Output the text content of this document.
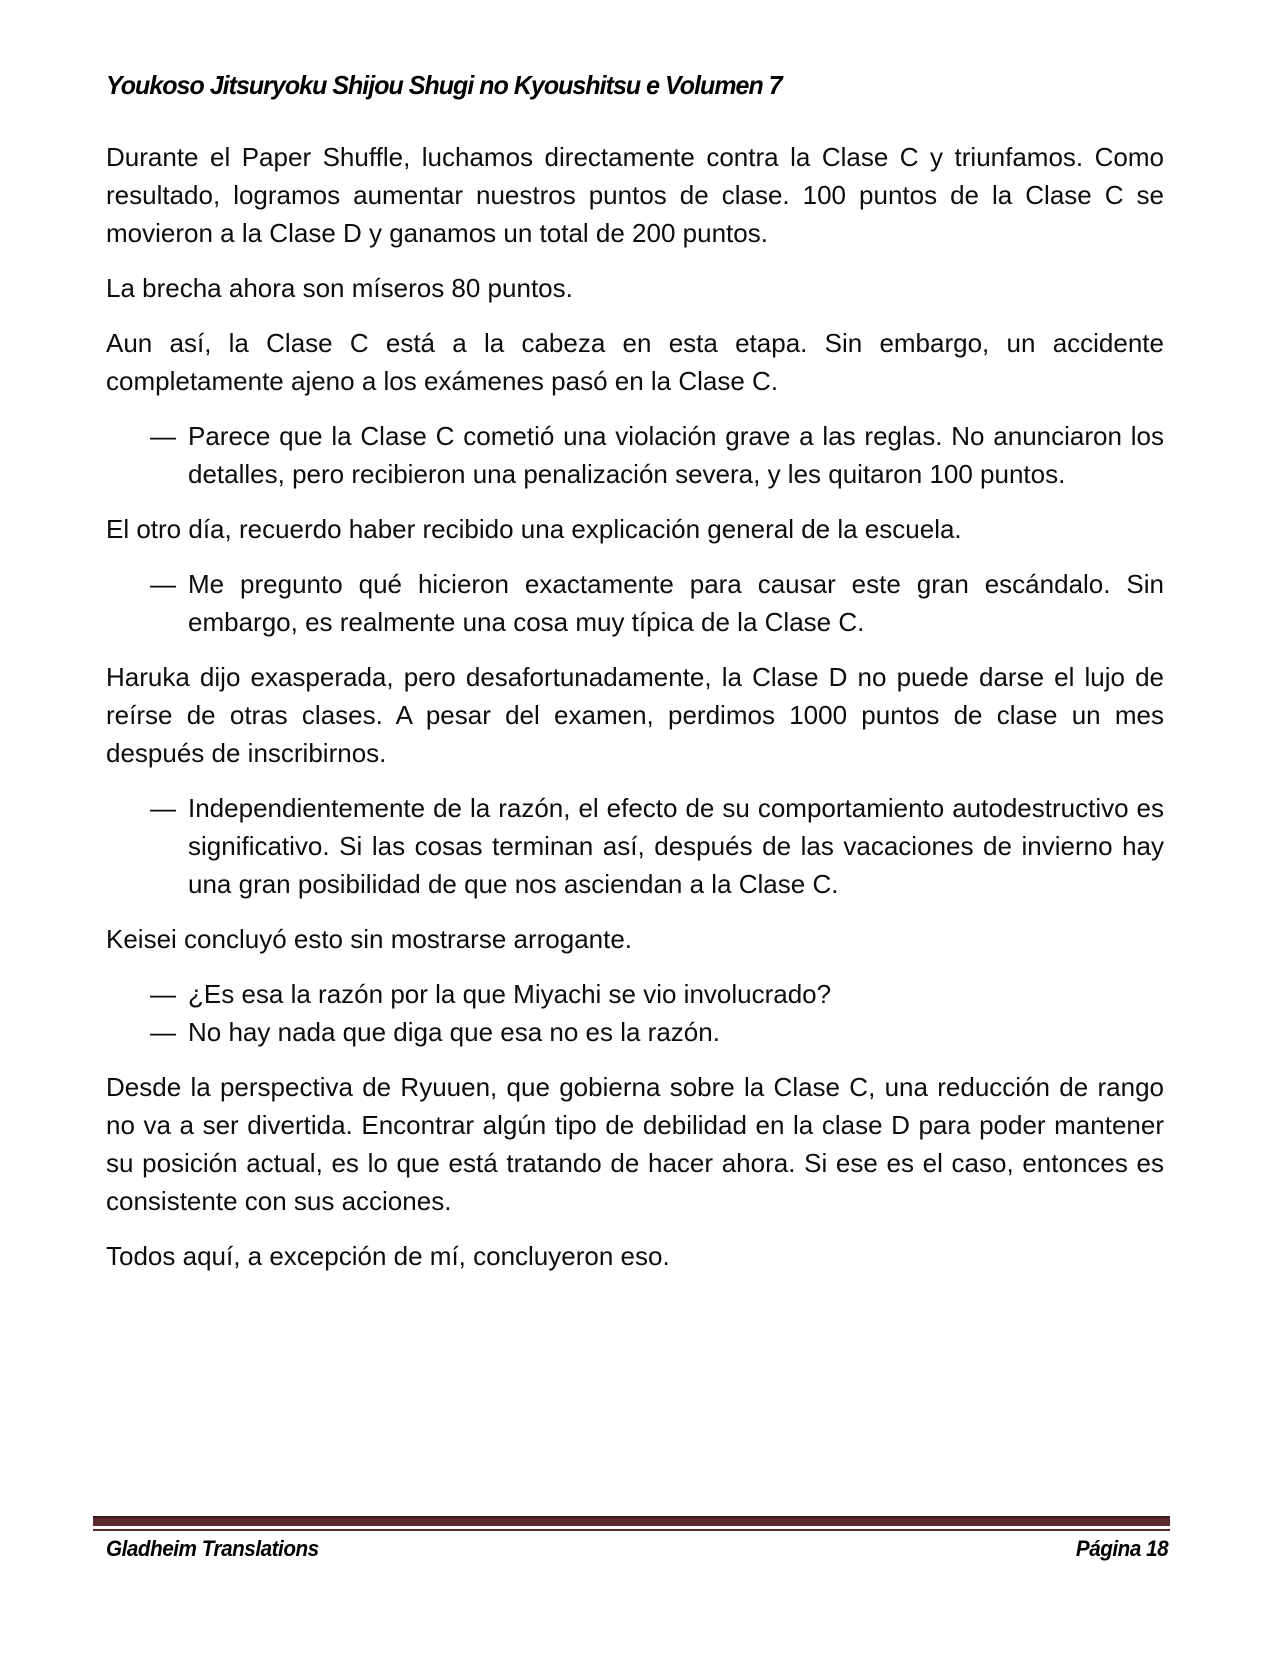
Youkoso Jitsuryoku Shijou Shugi no Kyoushitsu e Volumen 7

Durante el Paper Shuffle, luchamos directamente contra la Clase C y triunfamos. Como resultado, logramos aumentar nuestros puntos de clase. 100 puntos de la Clase C se movieron a la Clase D y ganamos un total de 200 puntos.

La brecha ahora son míseros 80 puntos.

Aun así, la Clase C está a la cabeza en esta etapa. Sin embargo, un accidente completamente ajeno a los exámenes pasó en la Clase C.

— Parece que la Clase C cometió una violación grave a las reglas. No anunciaron los detalles, pero recibieron una penalización severa, y les quitaron 100 puntos.

El otro día, recuerdo haber recibido una explicación general de la escuela.

— Me pregunto qué hicieron exactamente para causar este gran escándalo. Sin embargo, es realmente una cosa muy típica de la Clase C.

Haruka dijo exasperada, pero desafortunadamente, la Clase D no puede darse el lujo de reírse de otras clases. A pesar del examen, perdimos 1000 puntos de clase un mes después de inscribirnos.

— Independientemente de la razón, el efecto de su comportamiento autodestructivo es significativo. Si las cosas terminan así, después de las vacaciones de invierno hay una gran posibilidad de que nos asciendan a la Clase C.

Keisei concluyó esto sin mostrarse arrogante.

— ¿Es esa la razón por la que Miyachi se vio involucrado?

— No hay nada que diga que esa no es la razón.

Desde la perspectiva de Ryuuen, que gobierna sobre la Clase C, una reducción de rango no va a ser divertida. Encontrar algún tipo de debilidad en la clase D para poder mantener su posición actual, es lo que está tratando de hacer ahora. Si ese es el caso, entonces es consistente con sus acciones.

Todos aquí, a excepción de mí, concluyeron eso.

Gladheim Translations	Página 18
